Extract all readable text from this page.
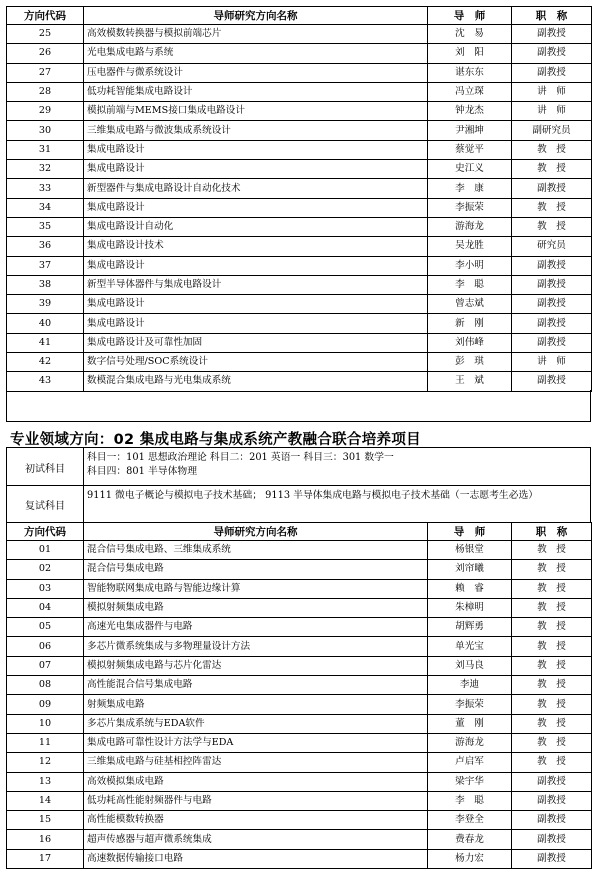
方向代码	导师研究方向名称	导　师	职　称
25	高效模数转换器与模拟前端芯片	沈　易	副教授
26	光电集成电路与系统	刘　阳	副教授
27	压电器件与微系统设计	谌东东	副教授
28	低功耗智能集成电路设计	冯立琛	讲　师
29	模拟前端与MEMS接口集成电路设计	钟龙杰	讲　师
30	三维集成电路与微波集成系统设计	尹湘坤	副研究员
31	集成电路设计	蔡觉平	教　授
32	集成电路设计	史江义	教　授
33	新型器件与集成电路设计自动化技术	李　康	副教授
34	集成电路设计	李振荣	教　授
35	集成电路设计自动化	游海龙	教　授
36	集成电路设计技术	吴龙胜	研究员
37	集成电路设计	李小明	副教授
38	新型半导体器件与集成电路设计	李　聪	副教授
39	集成电路设计	曾志斌	副教授
40	集成电路设计	新　刚	副教授
41	集成电路设计及可靠性加固	刘伟峰	副教授
42	数字信号处理/SOC系统设计	彭　琪	讲　师
43	数模混合集成电路与光电集成系统	王　斌	副教授
专业领域方向：02 集成电路与集成系统产教融合联合培养项目
初试科目
科目一：101 思想政治理论 科目二：201 英语一 科目三：301 数学一
科目四：801 半导体物理
复试科目
9111 微电子概论与模拟电子技术基础； 9113 半导体集成电路与模拟电子技术基础（一志愿考生必选）
方向代码	导师研究方向名称	导　师	职　称
01	混合信号集成电路、三维集成系统	杨银堂	教　授
02	混合信号集成电路	刘帘曦	教　授
03	智能物联网集成电路与智能边缘计算	赖　睿	教　授
04	模拟射频集成电路	朱樟明	教　授
05	高速光电集成器件与电路	胡辉勇	教　授
06	多芯片微系统集成与多物理量设计方法	单光宝	教　授
07	模拟射频集成电路与芯片化雷达	刘马良	教　授
08	高性能混合信号集成电路	李迪	教　授
09	射频集成电路	李振荣	教　授
10	多芯片集成系统与EDA软件	董　刚	教　授
11	集成电路可靠性设计方法学与EDA	游海龙	教　授
12	三维集成电路与硅基相控阵雷达	卢启军	教　授
13	高效模拟集成电路	梁宇华	副教授
14	低功耗高性能射频器件与电路	李　聪	副教授
15	高性能模数转换器	李登全	副教授
16	超声传感器与超声微系统集成	费春龙	副教授
17	高速数据传输接口电路	杨力宏	副教授
